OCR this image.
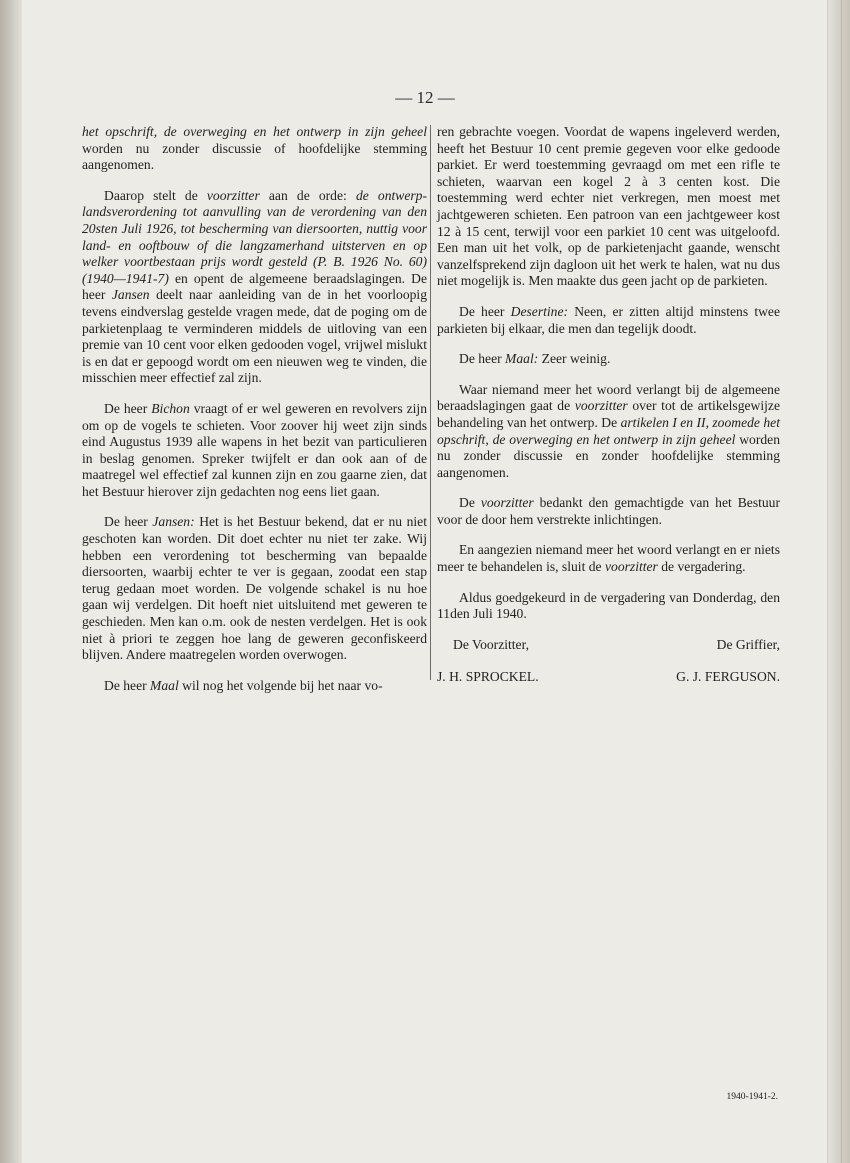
— 12 —

het opschrift, de overweging en het ontwerp in zijn geheel worden nu zonder discussie of hoofdelijke stemming aangenomen.

Daarop stelt de voorzitter aan de orde: de ontwerp-landsverordening tot aanvulling van de verordening van den 20sten Juli 1926, tot bescherming van diersoorten, nuttig voor land- en ooftbouw of die langzamerhand uitsterven en op welker voortbestaan prijs wordt gesteld (P. B. 1926 No. 60) (1940—1941-7) en opent de algemeene beraadslagingen. De heer Jansen deelt naar aanleiding van de in het voorloopig tevens eindverslag gestelde vragen mede, dat de poging om de parkietenplaag te verminderen middels de uitloving van een premie van 10 cent voor elken gedooden vogel, vrijwel mislukt is en dat er gepoogd wordt om een nieuwen weg te vinden, die misschien meer effectief zal zijn.

De heer Bichon vraagt of er wel geweren en revolvers zijn om op de vogels te schieten. Voor zoover hij weet zijn sinds eind Augustus 1939 alle wapens in het bezit van particulieren in beslag genomen. Spreker twijfelt er dan ook aan of de maatregel wel effectief zal kunnen zijn en zou gaarne zien, dat het Bestuur hierover zijn gedachten nog eens liet gaan.

De heer Jansen: Het is het Bestuur bekend, dat er nu niet geschoten kan worden. Dit doet echter nu niet ter zake. Wij hebben een verordening tot bescherming van bepaalde diersoorten, waarbij echter te ver is gegaan, zoodat een stap terug gedaan moet worden. De volgende schakel is nu hoe gaan wij verdelgen. Dit hoeft niet uitsluitend met geweren te geschieden. Men kan o.m. ook de nesten verdelgen. Het is ook niet à priori te zeggen hoe lang de geweren geconfiskeerd blijven. Andere maatregelen worden overwogen.

De heer Maal wil nog het volgende bij het naar vo-

ren gebrachte voegen. Voordat de wapens ingeleverd werden, heeft het Bestuur 10 cent premie gegeven voor elke gedoode parkiet. Er werd toestemming gevraagd om met een rifle te schieten, waarvan een kogel 2 à 3 centen kost. Die toestemming werd echter niet verkregen, men moest met jachtgeweren schieten. Een patroon van een jachtgeweer kost 12 à 15 cent, terwijl voor een parkiet 10 cent was uitgeloofd. Een man uit het volk, op de parkietenjacht gaande, wenscht vanzelfsprekend zijn dagloon uit het werk te halen, wat nu dus niet mogelijk is. Men maakte dus geen jacht op de parkieten.

De heer Desertine: Neen, er zitten altijd minstens twee parkieten bij elkaar, die men dan tegelijk doodt.

De heer Maal: Zeer weinig.

Waar niemand meer het woord verlangt bij de algemeene beraadslagingen gaat de voorzitter over tot de artikelsgewijze behandeling van het ontwerp. De artikelen I en II, zoomede het opschrift, de overweging en het ontwerp in zijn geheel worden nu zonder discussie en zonder hoofdelijke stemming aangenomen.

De voorzitter bedankt den gemachtigde van het Bestuur voor de door hem verstrekte inlichtingen.

En aangezien niemand meer het woord verlangt en er niets meer te behandelen is, sluit de voorzitter de vergadering.

Aldus goedgekeurd in de vergadering van Donderdag, den 11den Juli 1940.

De Voorzitter,	De Griffier,
J. H. SPROCKEL.	G. J. FERGUSON.
1940-1941-2.
